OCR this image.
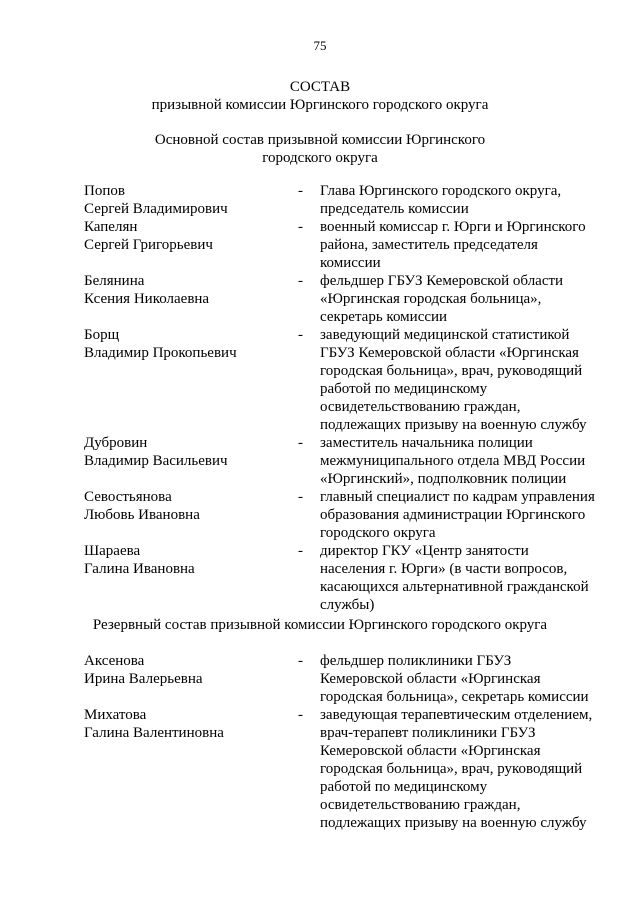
75
СОСТАВ
призывной комиссии Юргинского городского округа
Основной состав призывной комиссии Юргинского
городского округа
Попов
Сергей Владимирович
- Глава Юргинского городского округа,
председатель комиссии
Капелян
Сергей Григорьевич
- военный комиссар г. Юрги и Юргинского
района, заместитель председателя
комиссии
Белянина
Ксения Николаевна
- фельдшер ГБУЗ Кемеровской области
«Юргинская городская больница»,
секретарь комиссии
Борщ
Владимир Прокопьевич
- заведующий медицинской статистикой
ГБУЗ Кемеровской области «Юргинская
городская больница», врач, руководящий
работой по медицинскому
освидетельствованию граждан,
подлежащих призыву на военную службу
Дубровин
Владимир Васильевич
- заместитель начальника полиции
межмуниципального отдела МВД России
«Юргинский», подполковник полиции
Севостьянова
Любовь Ивановна
- главный специалист по кадрам управления
образования администрации Юргинского
городского округа
Шараева
Галина Ивановна
- директор ГКУ «Центр занятости
населения г. Юрги» (в части вопросов,
касающихся альтернативной гражданской
службы)
Резервный состав призывной комиссии Юргинского городского округа
Аксенова
Ирина Валерьевна
- фельдшер поликлиники ГБУЗ
Кемеровской области «Юргинская
городская больница», секретарь комиссии
Михатова
Галина Валентиновна
- заведующая терапевтическим отделением,
врач-терапевт поликлиники ГБУЗ
Кемеровской области «Юргинская
городская больница», врач, руководящий
работой по медицинскому
освидетельствованию граждан,
подлежащих призыву на военную службу
